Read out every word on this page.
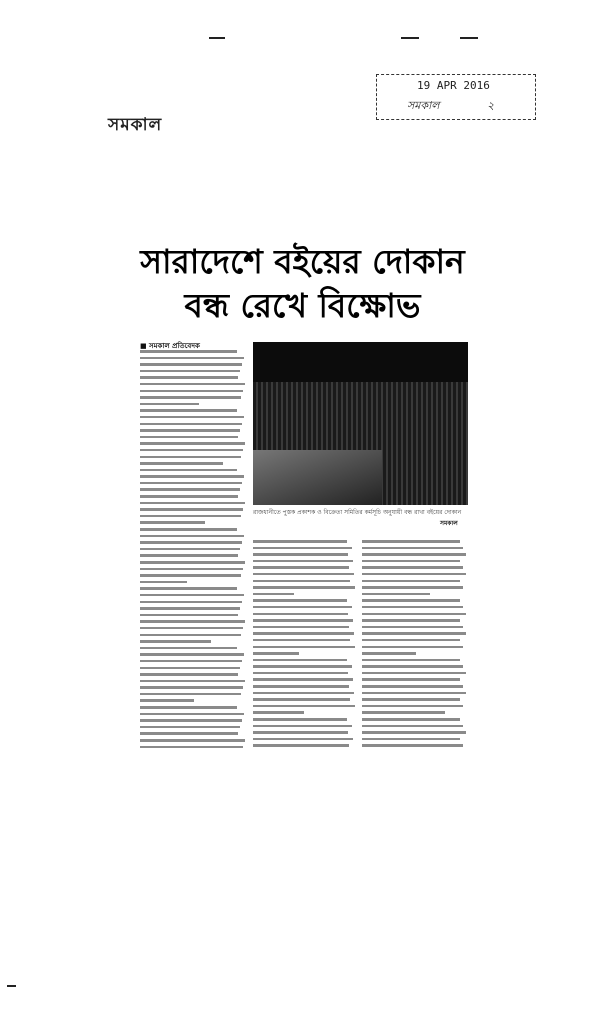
সমকাল
19 APR 2016
সমকাল	২
সারাদেশে বইয়ের দোকান
বন্ধ রেখে বিক্ষোভ
■ সমকাল প্রতিবেদক
রাজধানীতে পুস্তক প্রকাশক ও বিক্রেতা সমিতির কর্মসূচি অনুযায়ী বন্ধ রাখা বইয়ের দোকান
সমকাল
